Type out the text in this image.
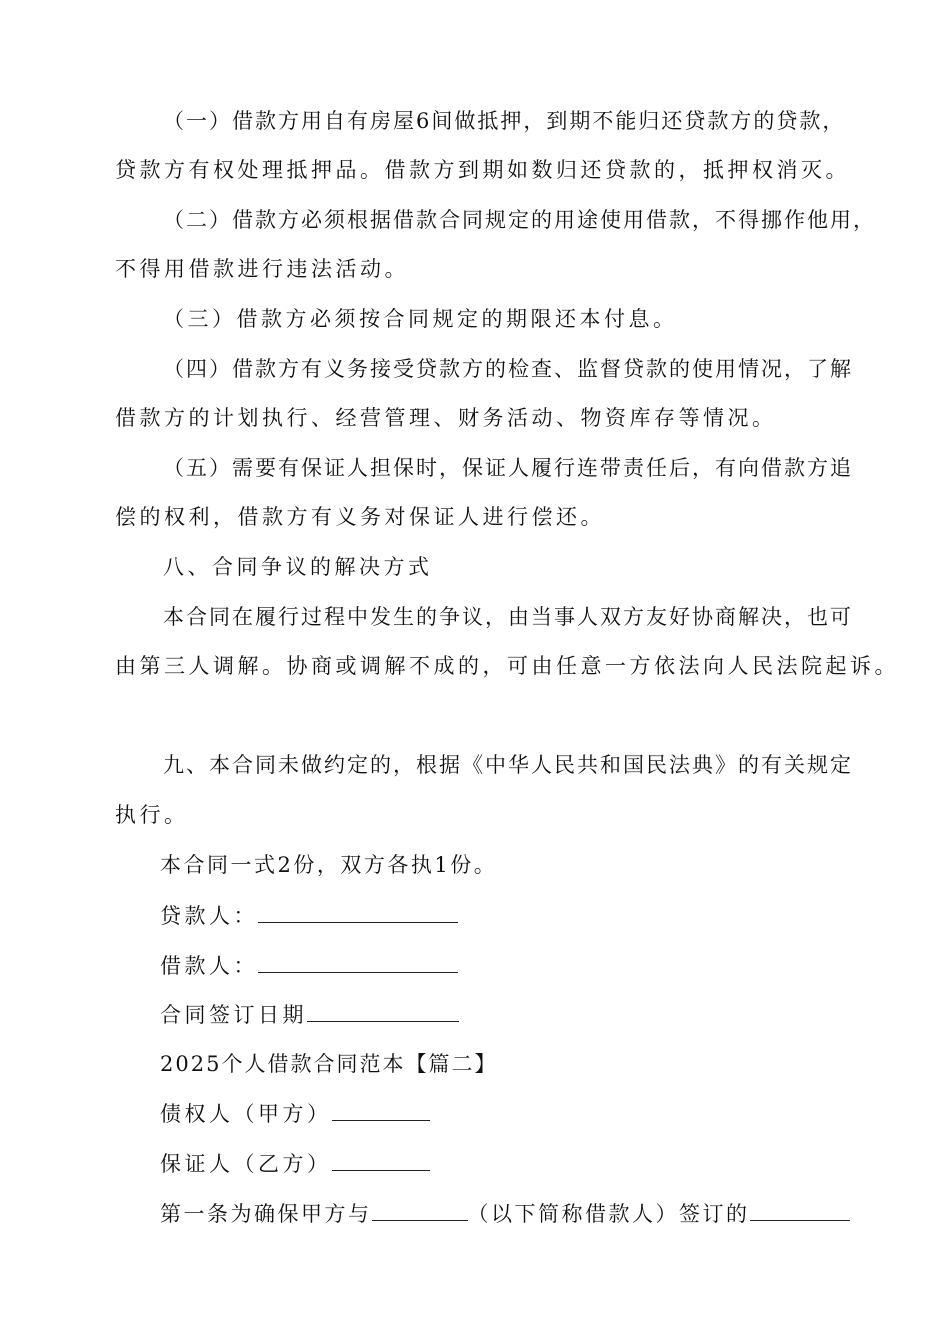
（一）借款方用自有房屋6间做抵押，到期不能归还贷款方的贷款，
贷款方有权处理抵押品。借款方到期如数归还贷款的，抵押权消灭。
（二）借款方必须根据借款合同规定的用途使用借款，不得挪作他用，
不得用借款进行违法活动。
（三）借款方必须按合同规定的期限还本付息。
（四）借款方有义务接受贷款方的检查、监督贷款的使用情况，了解
借款方的计划执行、经营管理、财务活动、物资库存等情况。
（五）需要有保证人担保时，保证人履行连带责任后，有向借款方追
偿的权利，借款方有义务对保证人进行偿还。
八、合同争议的解决方式
本合同在履行过程中发生的争议，由当事人双方友好协商解决，也可
由第三人调解。协商或调解不成的，可由任意一方依法向人民法院起诉。
九、本合同未做约定的，根据《中华人民共和国民法典》的有关规定
执行。
本合同一式2份，双方各执1份。
贷款人：
借款人：
合同签订日期
2025个人借款合同范本【篇二】
债权人（甲方）
保证人（乙方）
第一条为确保甲方与	（以下简称借款人）签订的
